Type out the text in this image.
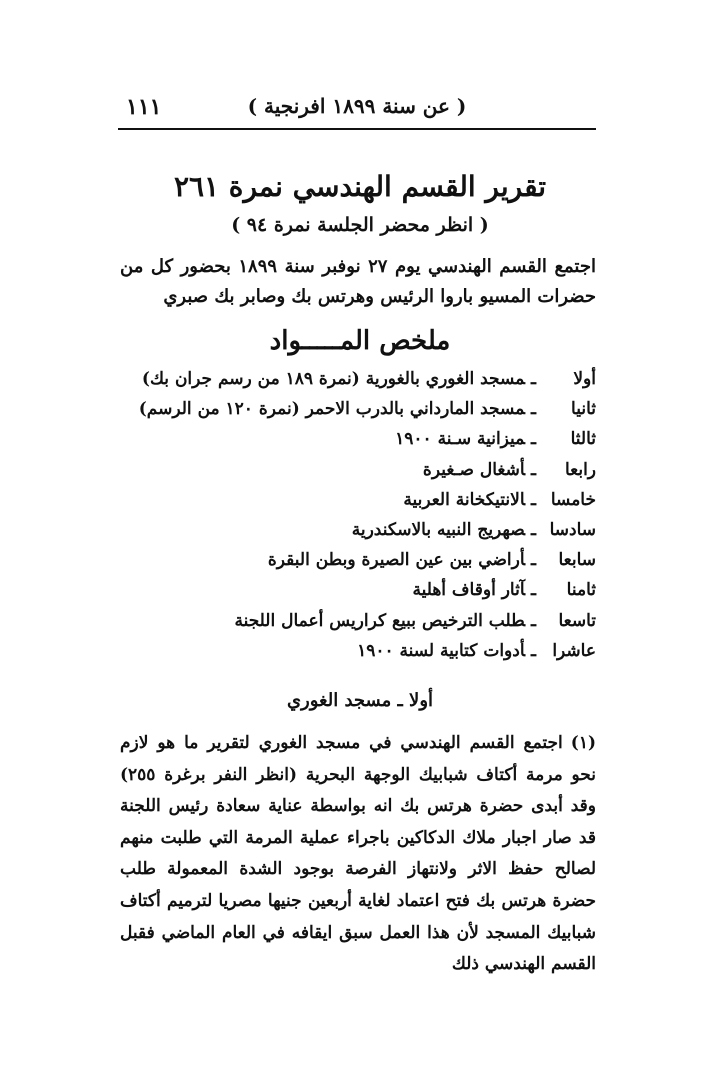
١١١	( عن سنة ١٨٩٩ افرنجية )
تقرير القسم الهندسي نمرة ٢٦١
( انظر محضر الجلسة نمرة ٩٤ )
اجتمع القسم الهندسي يوم ٢٧ نوفبر سنة ١٨٩٩ بحضور كل من حضرات المسيو باروا الرئيس وهرتس بك وصابر بك صبري
ملخص المـــــواد
أولاـمسجد الغوري بالغورية (نمرة ١٨٩ من رسم جران بك)
ثانياـمسجد المارداني بالدرب الاحمر (نمرة ١٢٠ من الرسم)
ثالثاـميزانية سـنة ١٩٠٠
رابعاـأشغال صـغيرة
خامساـالانتيكخانة العربية
سادساـصهريج النبيه بالاسكندرية
سابعاـأراضي بين عين الصيرة وبطن البقرة
ثامناـآثار أوقاف أهلية
تاسعاـطلب الترخيص ببيع كراريس أعمال اللجنة
عاشراـأدوات كتابية لسنة ١٩٠٠
أولا ـ مسجد الغوري
(١)اجتمع القسم الهندسي في مسجد الغوري لتقرير ما هو لازم نحو مرمة أكتاف شبابيك الوجهة البحرية (انظر النفر برغرة ٢٥٥) وقد أبدى حضرة هرتس بك انه بواسطة عناية سعادة رئيس اللجنة قد صار اجبار ملاك الدكاكين باجراء عملية المرمة التي طلبت منهم لصالح حفظ الاثر ولانتهاز الفرصة بوجود الشدة المعمولة طلب حضرة هرتس بك فتح اعتماد لغاية أربعين جنيها مصريا لترميم أكتاف شبابيك المسجد لأن هذا العمل سبق ايقافه في العام الماضي فقبل القسم الهندسي ذلك
